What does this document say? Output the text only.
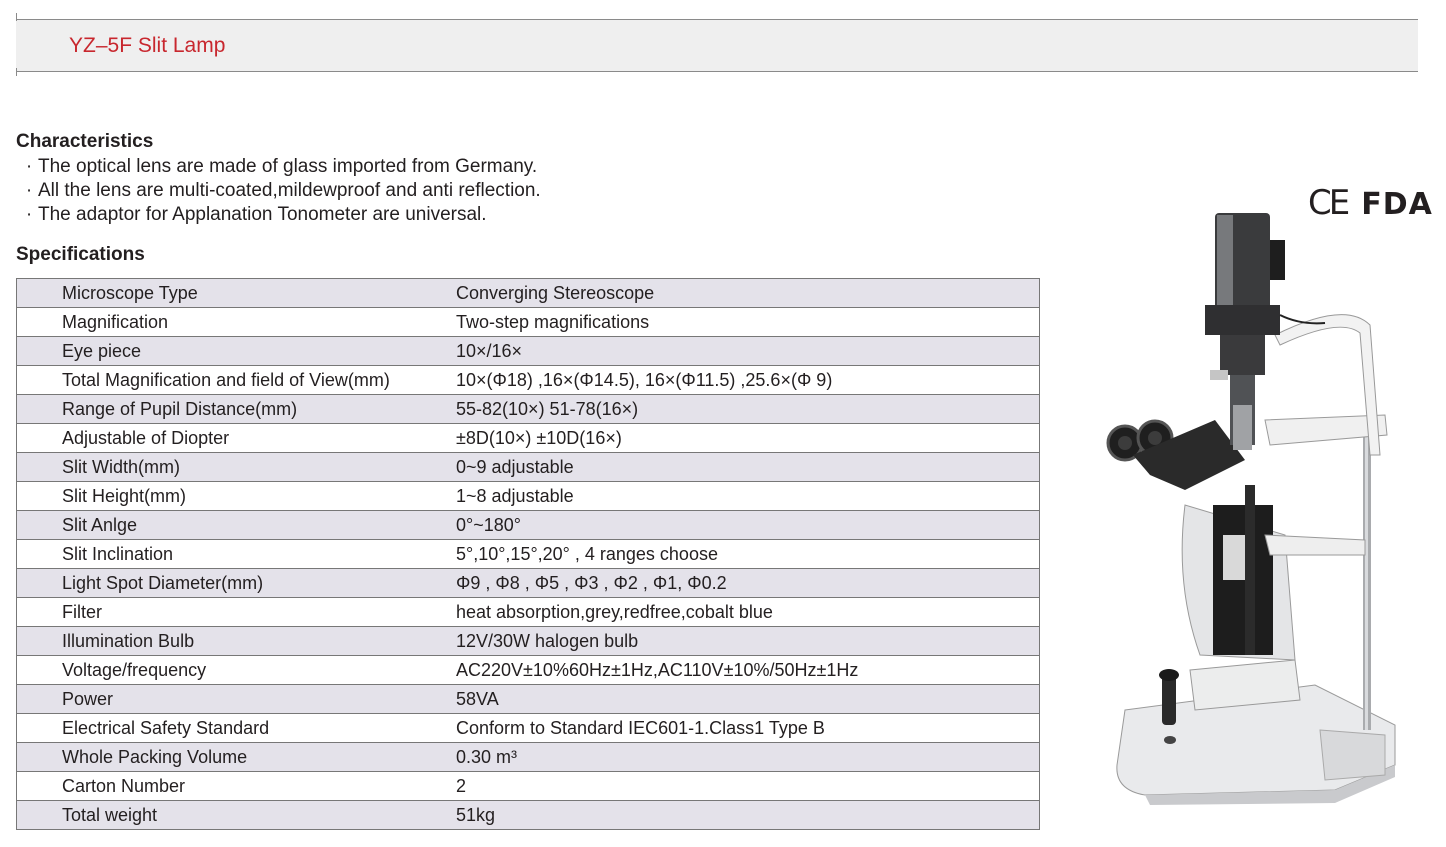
YZ–5F Slit Lamp
Characteristics
· The optical lens are made of glass imported from Germany.
· All the lens are multi-coated,mildewproof and anti reflection.
· The adaptor for Applanation Tonometer are universal.
Specifications
Microscope Type	Converging Stereoscope
Magnification	Two-step magnifications
Eye piece	10×/16×
Total Magnification and field of View(mm)	10×(Φ18) ,16×(Φ14.5), 16×(Φ11.5) ,25.6×(Φ 9)
Range of Pupil Distance(mm)	55-82(10×) 51-78(16×)
Adjustable of Diopter	±8D(10×) ±10D(16×)
Slit Width(mm)	0~9 adjustable
Slit Height(mm)	1~8 adjustable
Slit Anlge	0°~180°
Slit Inclination	5°,10°,15°,20° , 4 ranges choose
Light Spot Diameter(mm)	Φ9 , Φ8 , Φ5 , Φ3 , Φ2 , Φ1, Φ0.2
Filter	heat absorption,grey,redfree,cobalt blue
Illumination Bulb	12V/30W halogen bulb
Voltage/frequency	AC220V±10%60Hz±1Hz,AC110V±10%/50Hz±1Hz
Power	58VA
Electrical Safety Standard	Conform to Standard IEC601-1.Class1 Type B
Whole Packing Volume	0.30 m³
Carton Number	2
Total weight	51kg
CE FDA
